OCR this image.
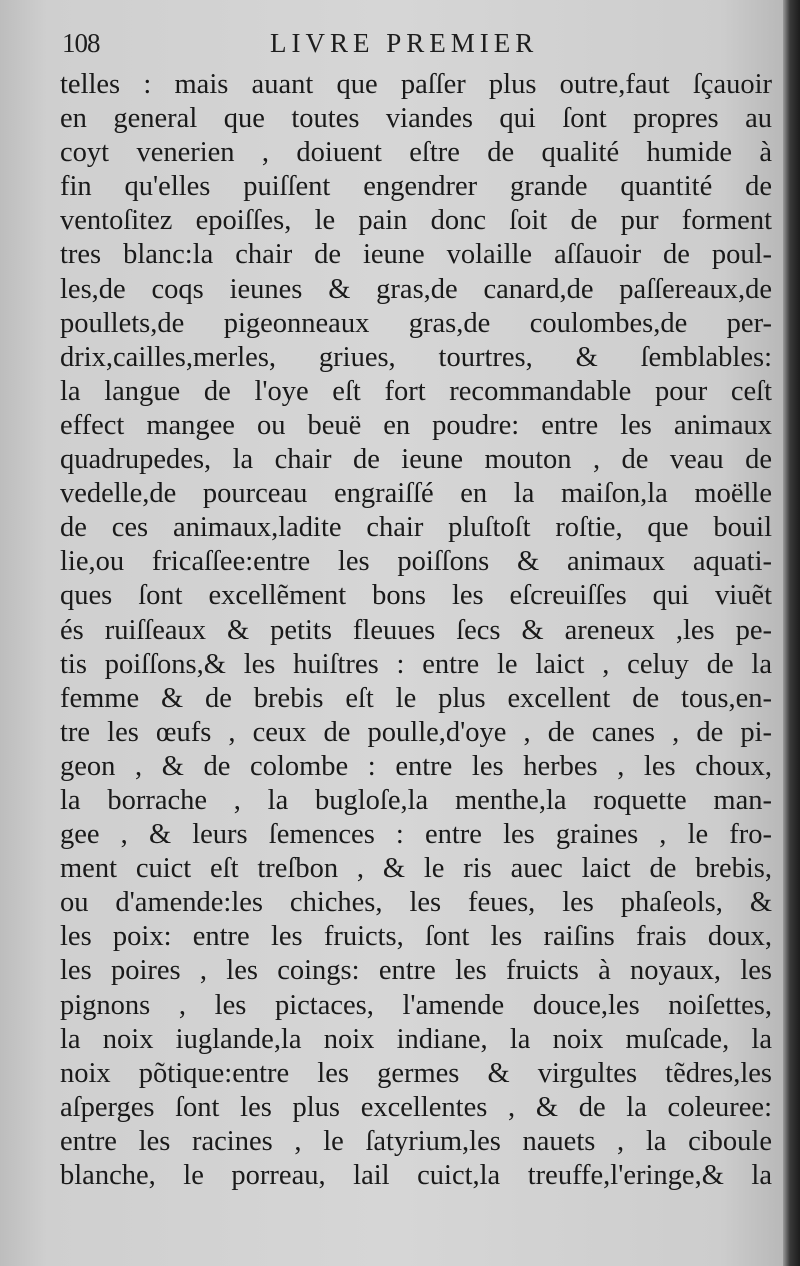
108	LIVRE PREMIER
telles : mais auant que paſſer plus outre,faut ſçauoir
en general que toutes viandes qui ſont propres au
coyt venerien , doiuent eſtre de qualité humide à
fin qu'elles puiſſent engendrer grande quantité de
ventoſitez epoiſſes, le pain donc ſoit de pur forment
tres blanc:la chair de ieune volaille aſſauoir de poul-
les,de coqs ieunes & gras,de canard,de paſſereaux,de
poullets,de pigeonneaux gras,de coulombes,de per-
drix,cailles,merles, griues, tourtres, & ſemblables:
la langue de l'oye eſt fort recommandable pour ceſt
effect mangee ou beuë en poudre: entre les animaux
quadrupedes, la chair de ieune mouton , de veau de
vedelle,de pourceau engraiſſé en la maiſon,la moëlle
de ces animaux,ladite chair pluſtoſt roſtie, que bouil
lie,ou fricaſſee:entre les poiſſons & animaux aquati-
ques ſont excellẽment bons les eſcreuiſſes qui viuẽt
és ruiſſeaux & petits fleuues ſecs & areneux ,les pe-
tis poiſſons,& les huiſtres : entre le laict , celuy de la
femme & de brebis eſt le plus excellent de tous,en-
tre les œufs , ceux de poulle,d'oye , de canes , de pi-
geon , & de colombe : entre les herbes , les choux,
la borrache , la bugloſe,la menthe,la roquette man-
gee , & leurs ſemences : entre les graines , le fro-
ment cuict eſt treſbon , & le ris auec laict de brebis,
ou d'amende:les chiches, les feues, les phaſeols, &
les poix: entre les fruicts, ſont les raiſins frais doux,
les poires , les coings: entre les fruicts à noyaux, les
pignons , les pictaces, l'amende douce,les noiſettes,
la noix iuglande,la noix indiane, la noix muſcade, la
noix põtique:entre les germes & virgultes tẽdres,les
aſperges ſont les plus excellentes , & de la coleuree:
entre les racines , le ſatyrium,les nauets , la ciboule
blanche, le porreau, lail cuict,la treuffe,l'eringe,& la
